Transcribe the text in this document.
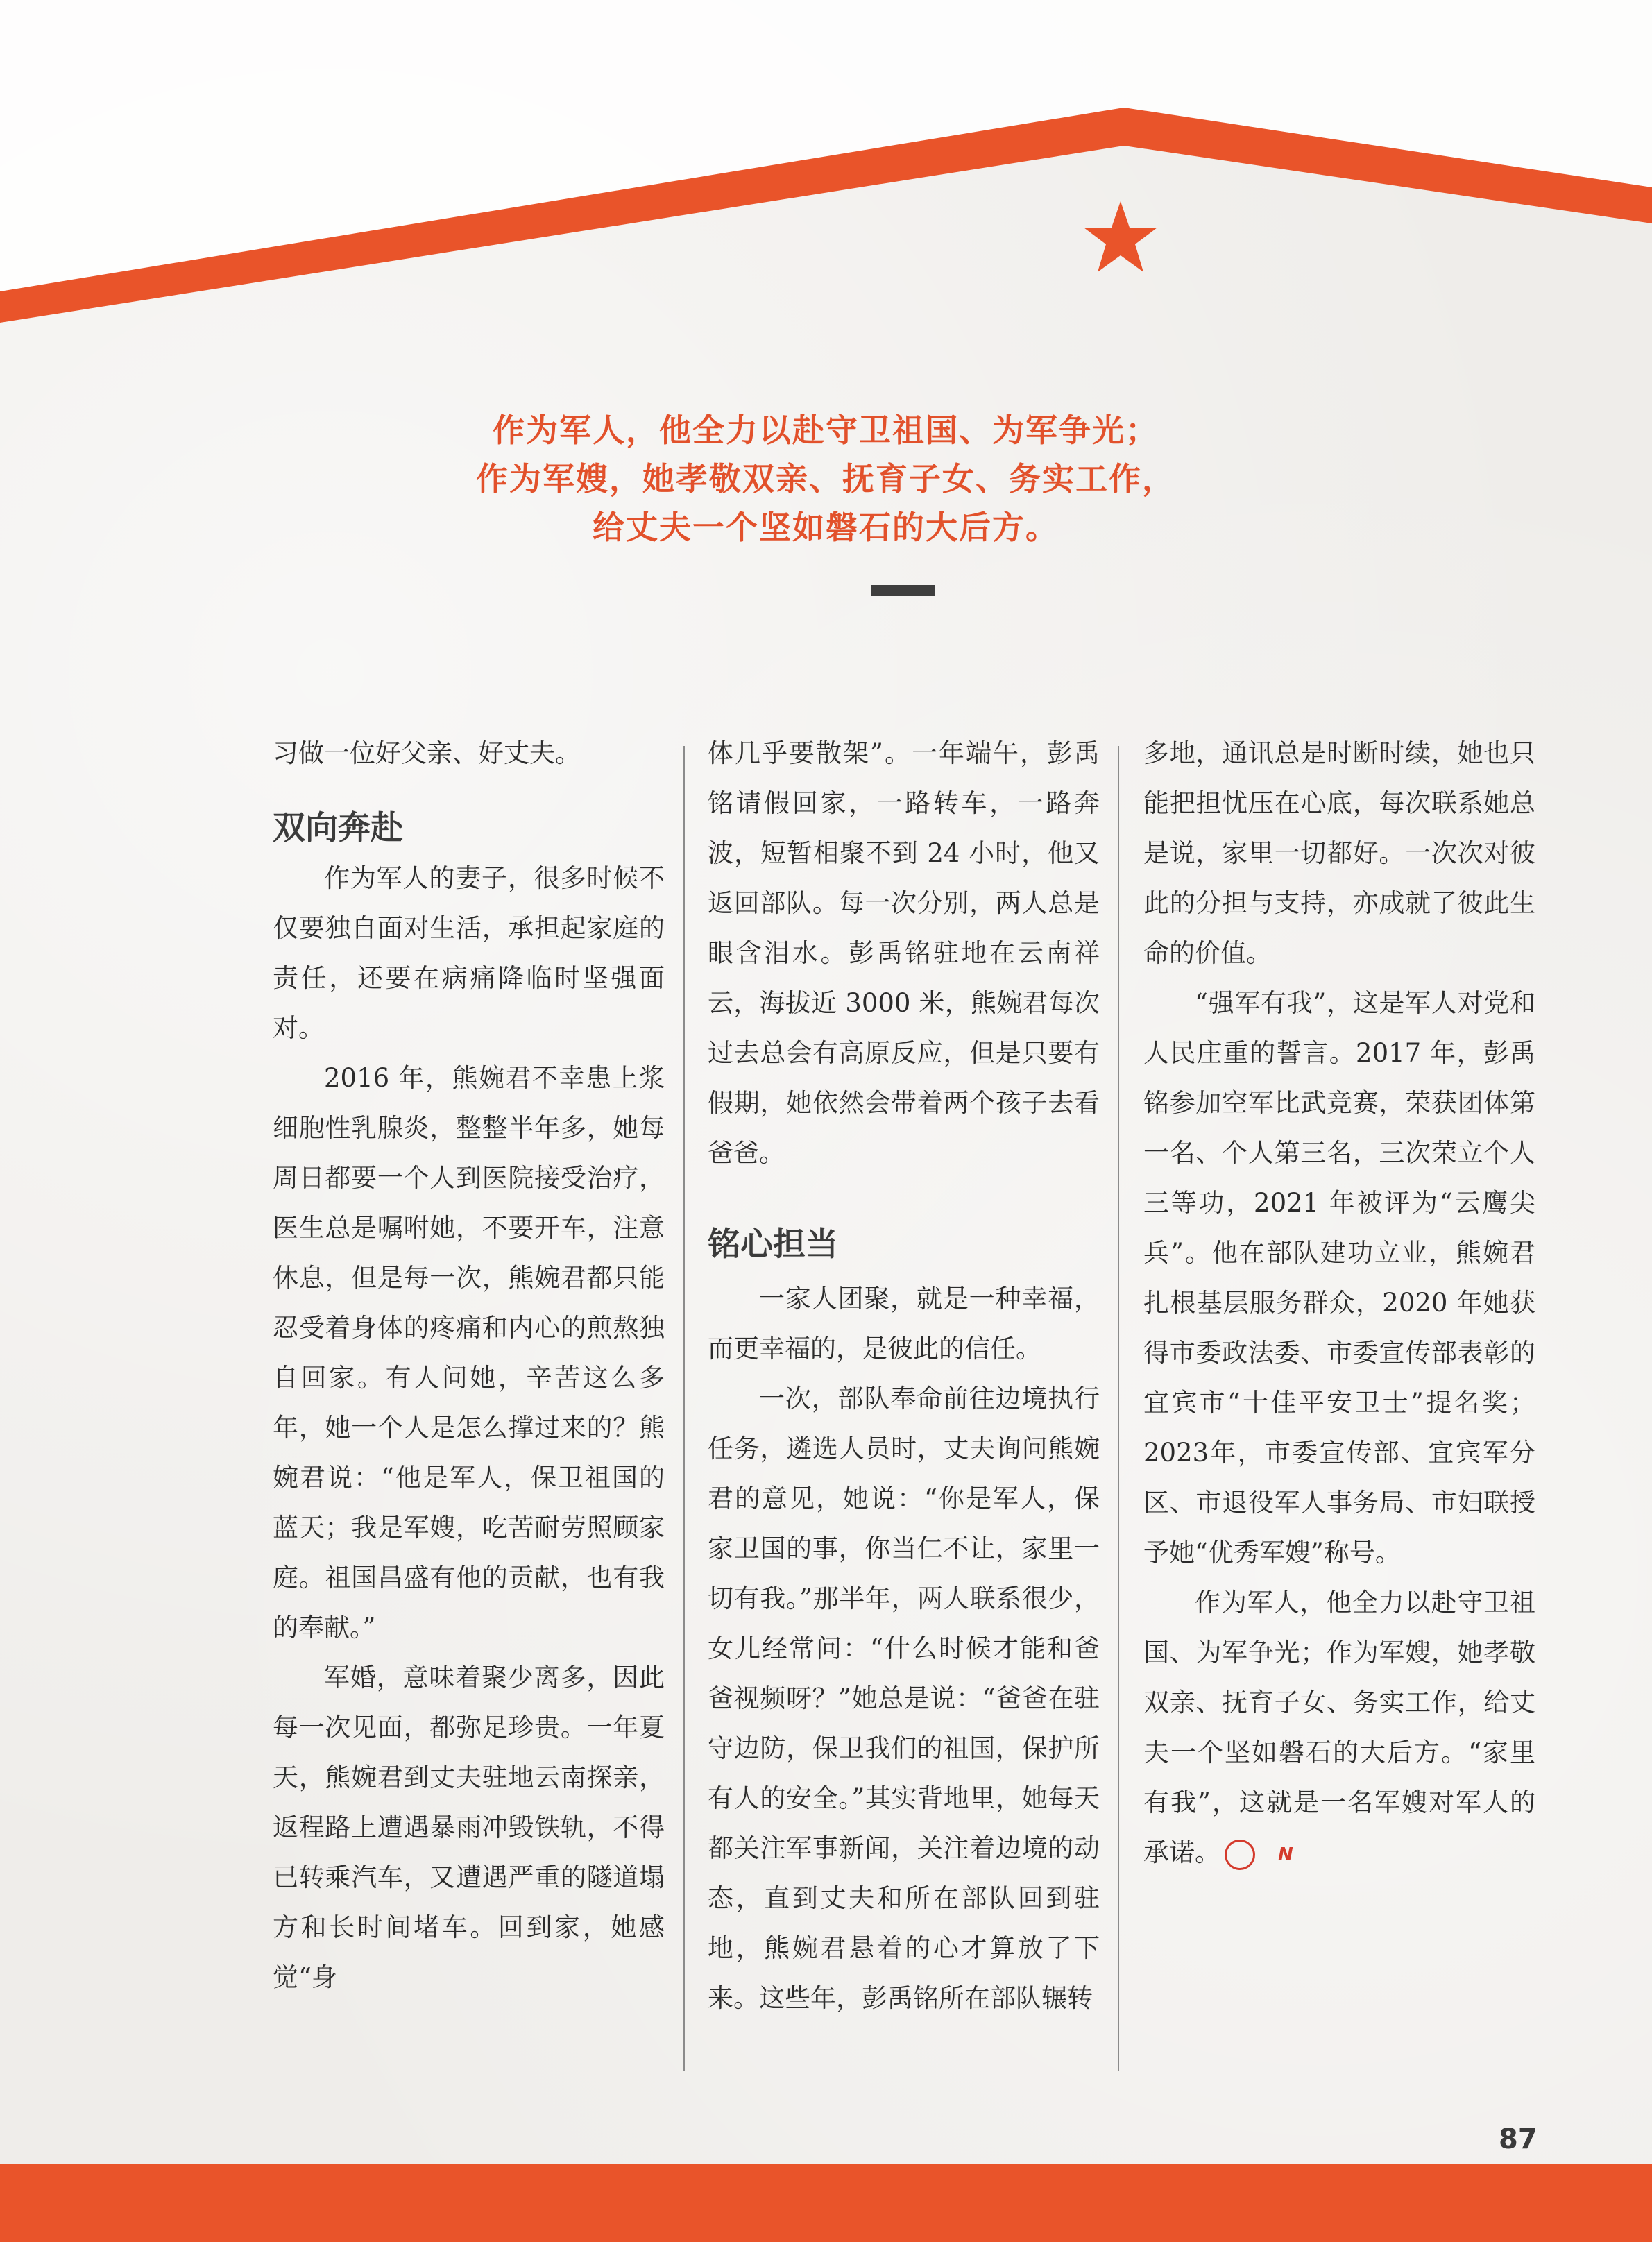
作为军人，他全力以赴守卫祖国、为军争光；
作为军嫂，她孝敬双亲、抚育子女、务实工作，
给丈夫一个坚如磐石的大后方。

习做一位好父亲、好丈夫。

双向奔赴

作为军人的妻子，很多时候不仅要独自面对生活，承担起家庭的责任，还要在病痛降临时坚强面对。

2016 年，熊婉君不幸患上浆细胞性乳腺炎，整整半年多，她每周日都要一个人到医院接受治疗，医生总是嘱咐她，不要开车，注意休息，但是每一次，熊婉君都只能忍受着身体的疼痛和内心的煎熬独自回家。有人问她，辛苦这么多年，她一个人是怎么撑过来的？熊婉君说：“他是军人，保卫祖国的蓝天；我是军嫂，吃苦耐劳照顾家庭。祖国昌盛有他的贡献，也有我的奉献。”

军婚，意味着聚少离多，因此每一次见面，都弥足珍贵。一年夏天，熊婉君到丈夫驻地云南探亲，返程路上遭遇暴雨冲毁铁轨，不得已转乘汽车，又遭遇严重的隧道塌方和长时间堵车。回到家，她感觉“身

体几乎要散架”。一年端午，彭禹铭请假回家，一路转车，一路奔波，短暂相聚不到 24 小时，他又返回部队。每一次分别，两人总是眼含泪水。彭禹铭驻地在云南祥云，海拔近 3000 米，熊婉君每次过去总会有高原反应，但是只要有假期，她依然会带着两个孩子去看爸爸。

铭心担当

一家人团聚，就是一种幸福，而更幸福的，是彼此的信任。

一次，部队奉命前往边境执行任务，遴选人员时，丈夫询问熊婉君的意见，她说：“你是军人，保家卫国的事，你当仁不让，家里一切有我。”那半年，两人联系很少，女儿经常问：“什么时候才能和爸爸视频呀？”她总是说：“爸爸在驻守边防，保卫我们的祖国，保护所有人的安全。”其实背地里，她每天都关注军事新闻，关注着边境的动态，直到丈夫和所在部队回到驻地，熊婉君悬着的心才算放了下来。这些年，彭禹铭所在部队辗转

多地，通讯总是时断时续，她也只能把担忧压在心底，每次联系她总是说，家里一切都好。一次次对彼此的分担与支持，亦成就了彼此生命的价值。

“强军有我”，这是军人对党和人民庄重的誓言。2017 年，彭禹铭参加空军比武竞赛，荣获团体第一名、个人第三名，三次荣立个人三等功，2021 年被评为“云鹰尖兵”。他在部队建功立业，熊婉君扎根基层服务群众，2020 年她获得市委政法委、市委宣传部表彰的宜宾市“十佳平安卫士”提名奖；2023年，市委宣传部、宜宾军分区、市退役军人事务局、市妇联授予她“优秀军嫂”称号。

作为军人，他全力以赴守卫祖国、为军争光；作为军嫂，她孝敬双亲、抚育子女、务实工作，给丈夫一个坚如磐石的大后方。“家里有我”，这就是一名军嫂对军人的承诺。	N

87
